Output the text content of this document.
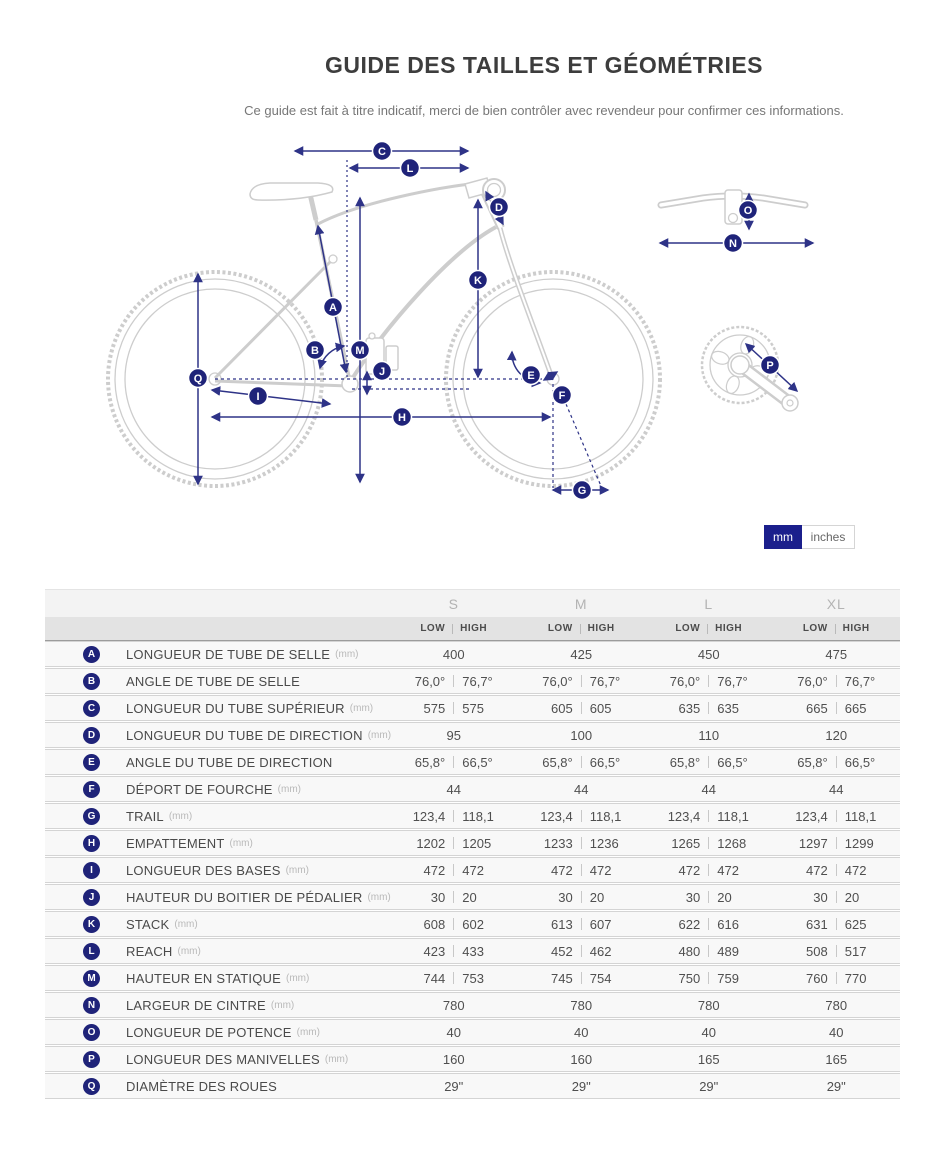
GUIDE DES TAILLES ET GÉOMÉTRIES

Ce guide est fait à titre indicatif, merci de bien contrôler avec revendeur pour confirmer ces informations.

A
B
C
D
E
F
G
H
I
J
K
L
M
N
O
P
Q
mm	inches
S	M	L	XL
LOW HIGH	LOW HIGH	LOW HIGH	LOW HIGH
A	LONGUEUR DE TUBE DE SELLE (mm)	400	425	450	475
B	ANGLE DE TUBE DE SELLE	76,0° 76,7°	76,0° 76,7°	76,0° 76,7°	76,0° 76,7°
C	LONGUEUR DU TUBE SUPÉRIEUR (mm)	575 575	605 605	635 635	665 665
D	LONGUEUR DU TUBE DE DIRECTION (mm)	95	100	110	120
E	ANGLE DU TUBE DE DIRECTION	65,8° 66,5°	65,8° 66,5°	65,8° 66,5°	65,8° 66,5°
F	DÉPORT DE FOURCHE (mm)	44	44	44	44
G	TRAIL (mm)	123,4 118,1	123,4 118,1	123,4 118,1	123,4 118,1
H	EMPATTEMENT (mm)	1202 1205	1233 1236	1265 1268	1297 1299
I	LONGUEUR DES BASES (mm)	472 472	472 472	472 472	472 472
J	HAUTEUR DU BOITIER DE PÉDALIER (mm)	30 20	30 20	30 20	30 20
K	STACK (mm)	608 602	613 607	622 616	631 625
L	REACH (mm)	423 433	452 462	480 489	508 517
M	HAUTEUR EN STATIQUE (mm)	744 753	745 754	750 759	760 770
N	LARGEUR DE CINTRE (mm)	780	780	780	780
O	LONGUEUR DE POTENCE (mm)	40	40	40	40
P	LONGUEUR DES MANIVELLES (mm)	160	160	165	165
Q	DIAMÈTRE DES ROUES	29"	29"	29"	29"
